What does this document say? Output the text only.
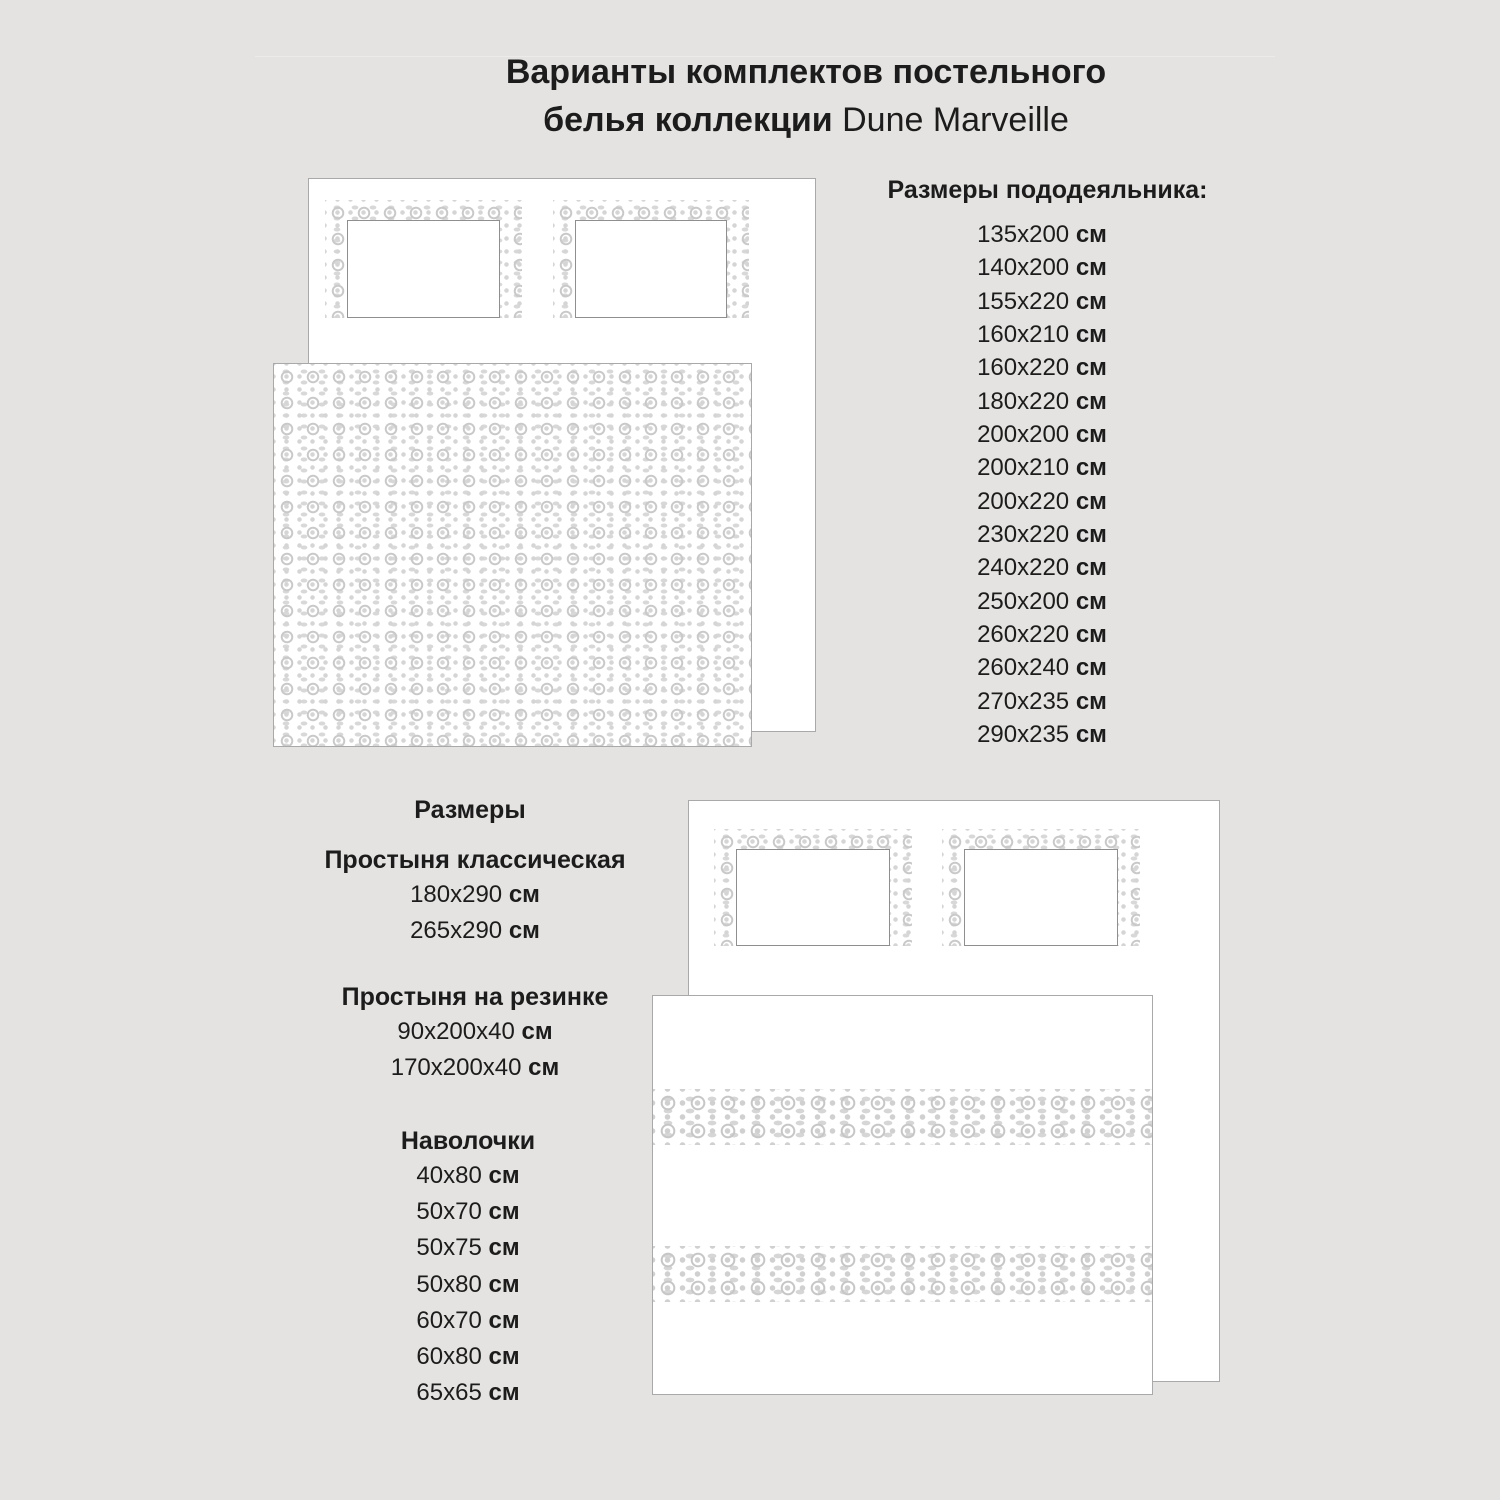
Варианты комплектов постельного
белья коллекции Dune Marveille
Размеры пододеяльника:
135x200 см
140x200 см
155x220 см
160x210 см
160x220 см
180x220 см
200x200 см
200x210 см
200x220 см
230x220 см
240x220 см
250x200 см
260x220 см
260x240 см
270x235 см
290x235 см
Размеры
Простыня классическая
180x290 см
265x290 см
Простыня на резинке
90x200x40 см
170x200x40 см
Наволочки
40x80 см
50x70 см
50x75 см
50x80 см
60x70 см
60x80 см
65x65 см
